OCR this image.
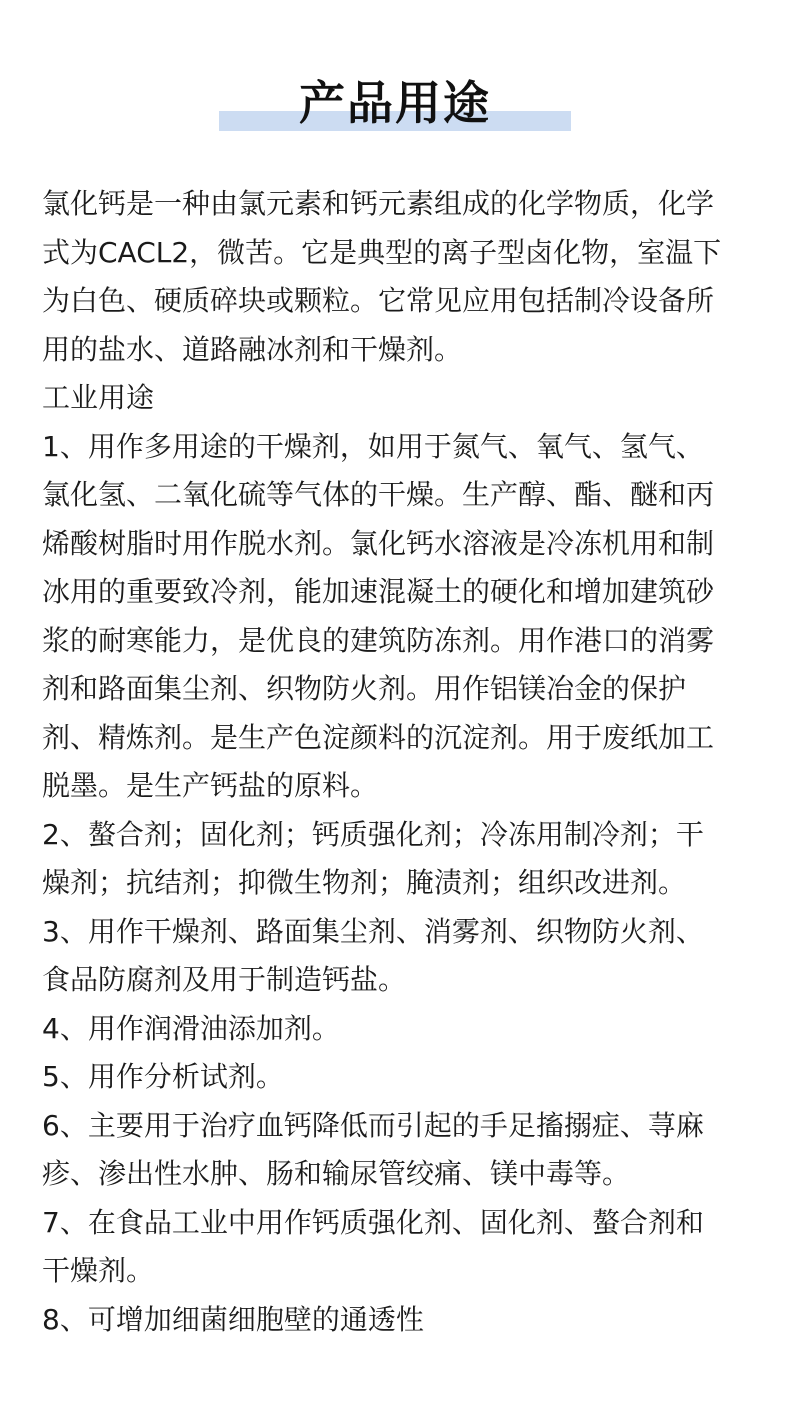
产品用途
氯化钙是一种由氯元素和钙元素组成的化学物质，化学
式为CACL2，微苦。它是典型的离子型卤化物，室温下
为白色、硬质碎块或颗粒。它常见应用包括制冷设备所
用的盐水、道路融冰剂和干燥剂。
工业用途
1、用作多用途的干燥剂，如用于氮气、氧气、氢气、
氯化氢、二氧化硫等气体的干燥。生产醇、酯、醚和丙
烯酸树脂时用作脱水剂。氯化钙水溶液是冷冻机用和制
冰用的重要致冷剂，能加速混凝土的硬化和增加建筑砂
浆的耐寒能力，是优良的建筑防冻剂。用作港口的消雾
剂和路面集尘剂、织物防火剂。用作铝镁冶金的保护
剂、精炼剂。是生产色淀颜料的沉淀剂。用于废纸加工
脱墨。是生产钙盐的原料。
2、螯合剂；固化剂；钙质强化剂；冷冻用制冷剂；干
燥剂；抗结剂；抑微生物剂；腌渍剂；组织改进剂。
3、用作干燥剂、路面集尘剂、消雾剂、织物防火剂、
食品防腐剂及用于制造钙盐。
4、用作润滑油添加剂。
5、用作分析试剂。
6、主要用于治疗血钙降低而引起的手足搐搦症、荨麻
疹、渗出性水肿、肠和输尿管绞痛、镁中毒等。
7、在食品工业中用作钙质强化剂、固化剂、螯合剂和
干燥剂。
8、可增加细菌细胞壁的通透性
